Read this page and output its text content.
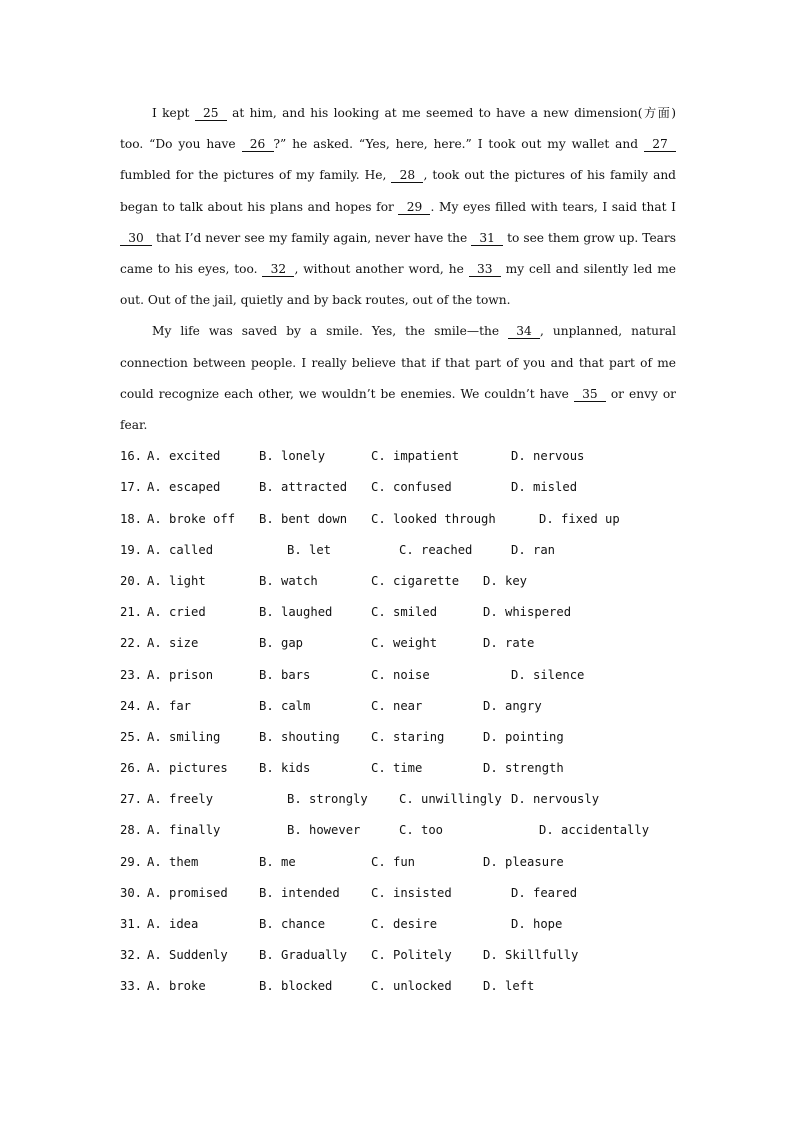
I kept 25 at him, and his looking at me seemed to have a new dimension(方面) too. “Do you have 26 ?” he asked. “Yes, here, here.” I took out my wallet and 27 fumbled for the pictures of my family. He, 28 , took out the pictures of his family and began to talk about his plans and hopes for 29 . My eyes filled with tears, I said that I 30 that I’d never see my family again, never have the 31 to see them grow up. Tears came to his eyes, too. 32 , without another word, he 33 my cell and silently led me out. Out of the jail, quietly and by back routes, out of the town.

My life was saved by a smile. Yes, the smile—the 34 , unplanned, natural connection between people. I really believe that if that part of you and that part of me could recognize each other, we wouldn’t be enemies. We couldn’t have 35 or envy or fear.

16. A. excited	B. lonely	C. impatient	D. nervous
17. A. escaped	B. attracted C. confused	D. misled
18. A. broke off B. bent down C. looked through	D. fixed up
19. A. called	B. let	C. reached	D. ran
20. A. light	B. watch	C. cigarette D. key
21. A. cried	B. laughed	C. smiled	D. whispered
22. A. size	B. gap	C. weight	D. rate
23. A. prison	B. bars	C. noise	D. silence
24. A. far	B. calm	C. near	D. angry
25. A. smiling	B. shouting	C. staring	D. pointing
26. A. pictures	B. kids	C. time	D. strength
27. A. freely	B. strongly	C. unwillingly D. nervously
28. A. finally	B. however	C. too	D. accidentally
29. A. them	B. me	C. fun	D. pleasure
30. A. promised	B. intended	C. insisted	D. feared
31. A. idea	B. chance	C. desire	D. hope
32. A. Suddenly	B. Gradually C. Politely	D. Skillfully
33. A. broke	B. blocked	C. unlocked	D. left
